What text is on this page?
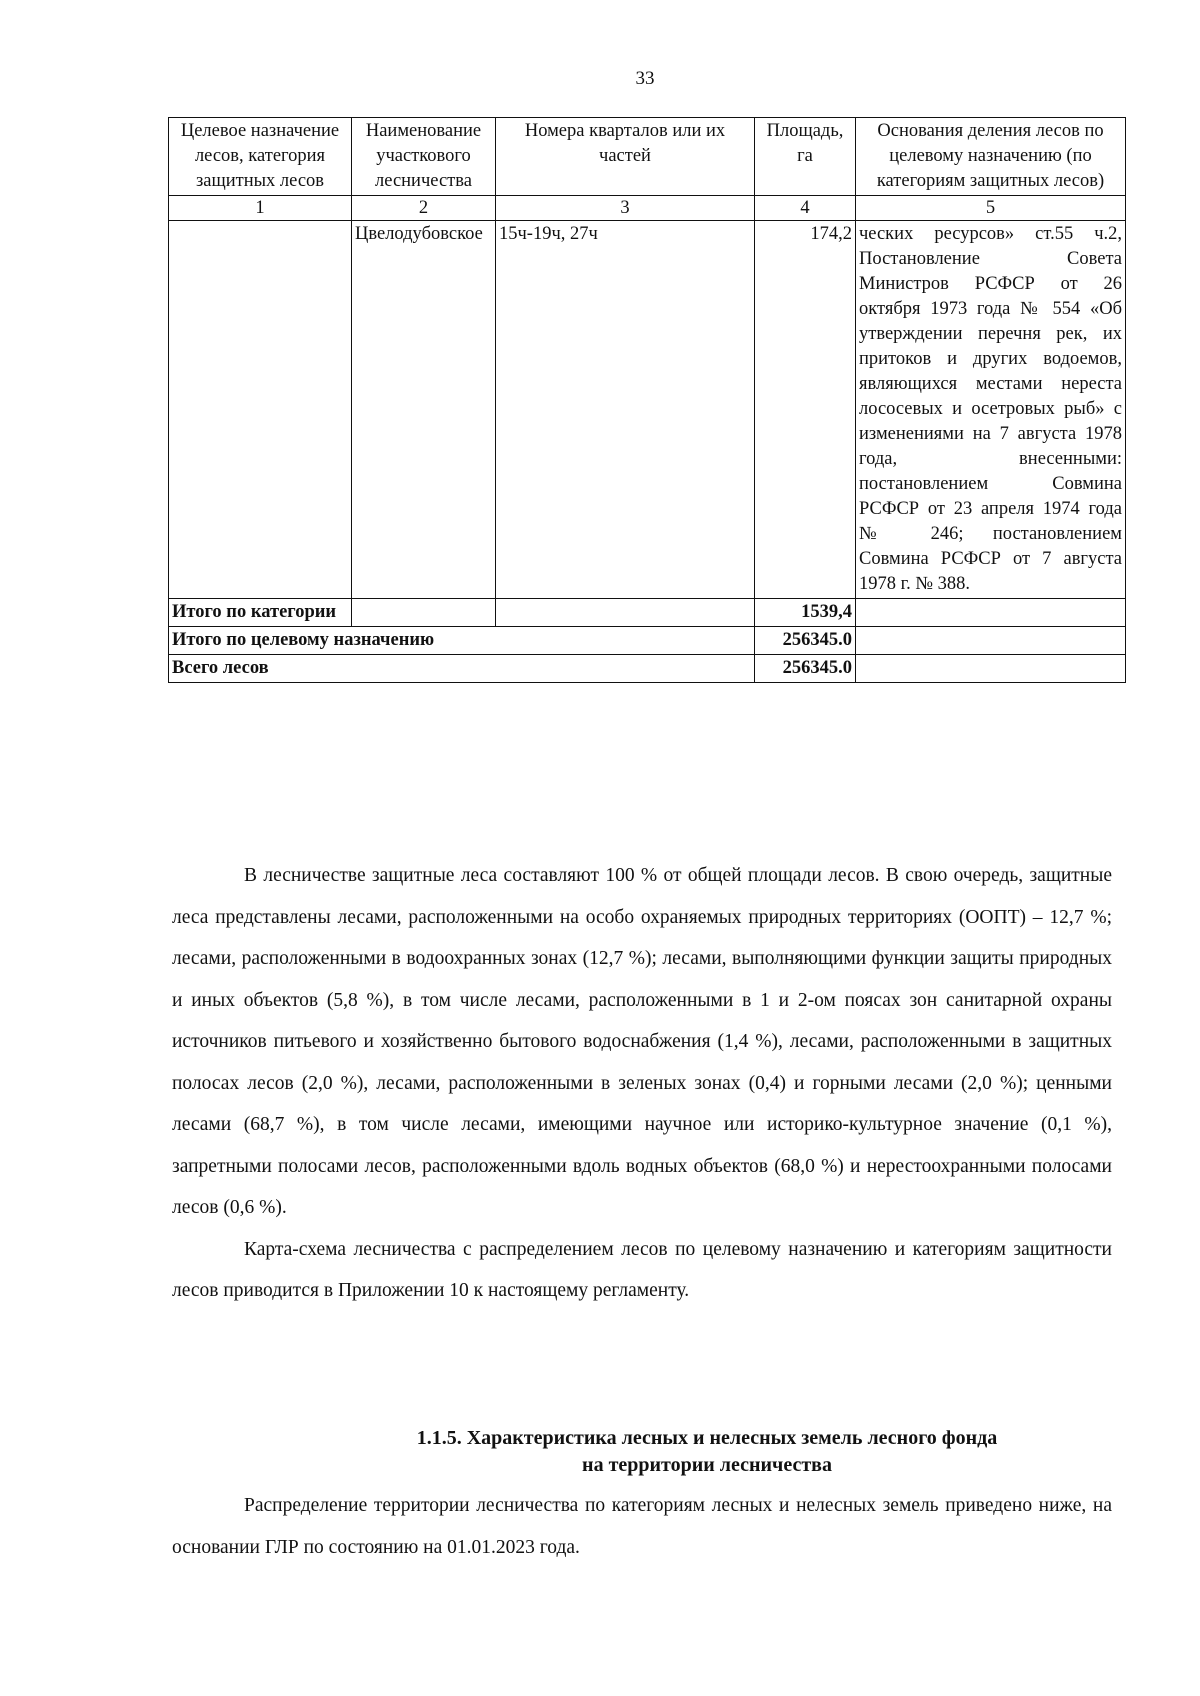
33
Целевое назначение лесов, категория защитных лесов	Наименование участкового лесничества	Номера кварталов или их частей	Площадь, га	Основания деления лесов по целевому назначению (по категориям защитных лесов)
1	2	3	4	5
	Цвелодубовское	15ч-19ч, 27ч	174,2	ческих ресурсов» ст.55 ч.2, Постановление Совета Министров РСФСР от 26 октября 1973 года № 554 «Об утверждении перечня рек, их притоков и других водоемов, являющихся местами нереста лососевых и осетровых рыб» с изменениями на 7 августа 1978 года, внесенными: постановлением Совмина РСФСР от 23 апреля 1974 года № 246; постановлением Совмина РСФСР от 7 августа 1978 г. № 388.
Итого по категории			1539,4	
Итого по целевому назначению			256345.0	
Всего лесов			256345.0	

В лесничестве защитные леса составляют 100 % от общей площади лесов. В свою очередь, защитные леса представлены лесами, расположенными на особо охраняемых природных территориях (ООПТ) – 12,7 %; лесами, расположенными в водоохранных зонах (12,7 %); лесами, выполняющими функции защиты природных и иных объектов (5,8 %), в том числе лесами, расположенными в 1 и 2-ом поясах зон санитарной охраны источников питьевого и хозяйственно бытового водоснабжения (1,4 %), лесами, расположенными в защитных полосах лесов (2,0 %), лесами, расположенными в зеленых зонах (0,4) и горными лесами (2,0 %); ценными лесами (68,7 %), в том числе лесами, имеющими научное или историко-культурное значение (0,1 %), запретными полосами лесов, расположенными вдоль водных объектов (68,0 %) и нерестоохранными полосами лесов (0,6 %).

Карта-схема лесничества с распределением лесов по целевому назначению и категориям защитности лесов приводится в Приложении 10 к настоящему регламенту.

1.1.5. Характеристика лесных и нелесных земель лесного фонда
на территории лесничества

Распределение территории лесничества по категориям лесных и нелесных земель приведено ниже, на основании ГЛР по состоянию на 01.01.2023 года.
